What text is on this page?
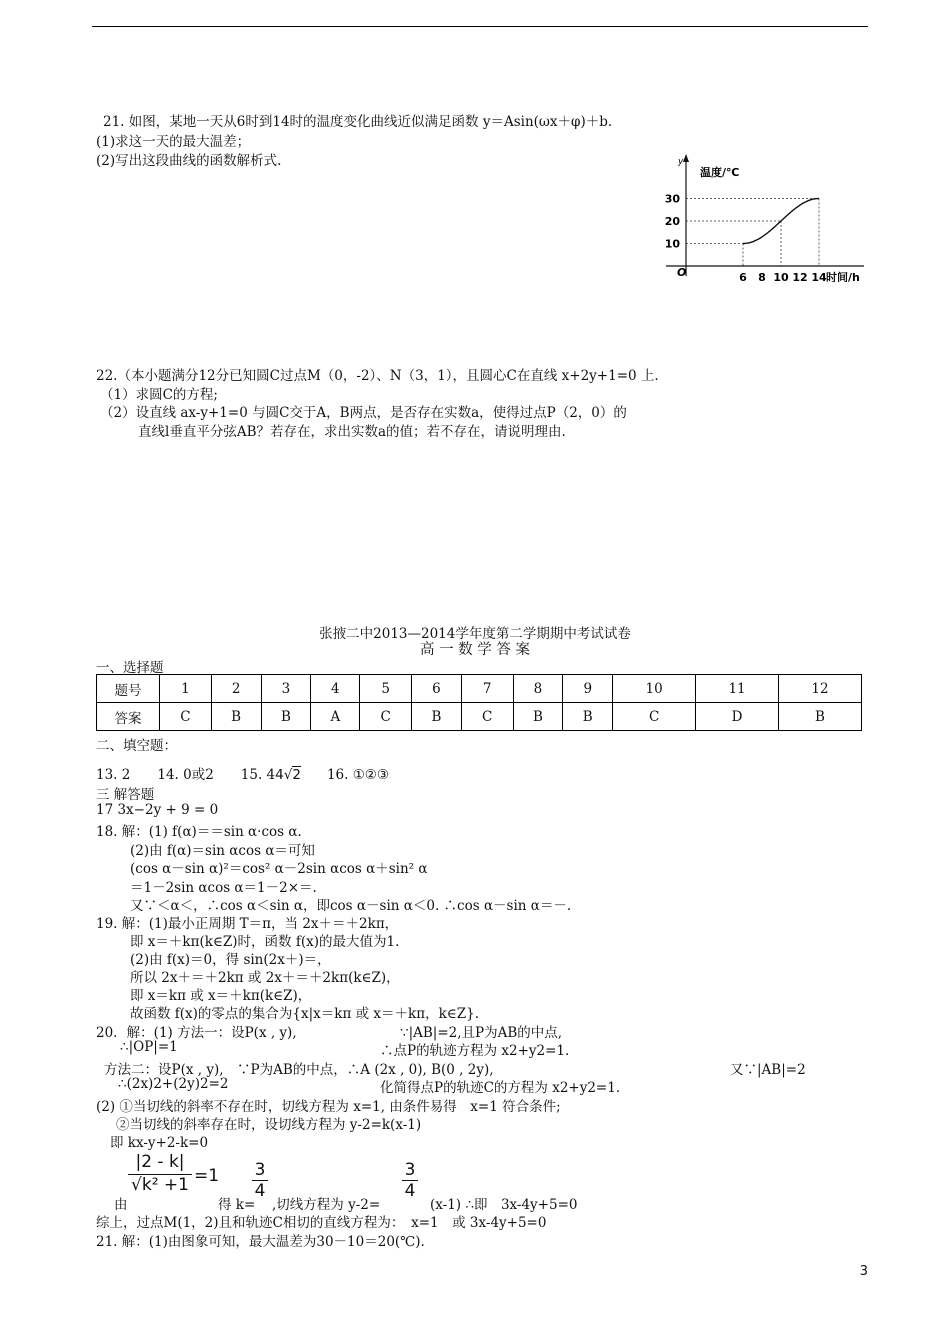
21. 如图，某地一天从6时到14时的温度变化曲线近似满足函数 y＝Asin(ωx＋φ)＋b.
(1)求这一天的最大温差；
(2)写出这段曲线的函数解析式.	y
温度/℃
O
10
20
30
6 8 10 12 14 时间/h
22.（本小题满分12分已知圆C过点M（0，-2）、N（3，1），且圆心C在直线 x+2y+1=0 上.
（1）求圆C的方程;
（2）设直线 ax-y+1=0 与圆C交于A，B两点，是否存在实数a，使得过点P（2，0）的
直线l垂直平分弦AB？若存在，求出实数a的值；若不存在，请说明理由.
张掖二中2013—2014学年度第二学期期中考试试卷
高 一 数 学 答 案
一、选择题
题号	1	2	3	4	5	6	7	8	9	10	11	12
答案	C	B	B	A	C	B	C	B	B	C	D	B
二、填空题：
13. 2　　14. 0或2　　15. 44√2 16. ①②③
三 解答题
17 3x−2y + 9 = 0
18. 解：(1) f(α)＝＝sin α·cos α.
(2)由 f(α)＝sin αcos α＝可知
(cos α－sin α)²＝cos² α－2sin αcos α＋sin² α
＝1－2sin αcos α＝1－2×＝.
又∵＜α＜，∴cos α＜sin α，即cos α－sin α＜0. ∴cos α－sin α＝－.
19. 解：(1)最小正周期 T＝π，当 2x＋＝＋2kπ，
即 x＝＋kπ(k∈Z)时，函数 f(x)的最大值为1.
(2)由 f(x)＝0，得 sin(2x＋)＝，
所以 2x＋＝＋2kπ 或 2x＋＝＋2kπ(k∈Z)，
即 x＝kπ 或 x＝＋kπ(k∈Z)，
故函数 f(x)的零点的集合为{x|x＝kπ 或 x＝＋kπ，k∈Z}.
20．解：(1) 方法一：设P(x , y),	∵|AB|=2,且P为AB的中点,
∴|OP|=1	∴点P的轨迹方程为 x2+y2=1.
方法二：设P(x , y),　∵P为AB的中点，∴A (2x , 0), B(0 , 2y),	又∵|AB|=2
∴(2x)2+(2y)2=2	化简得点P的轨迹C的方程为 x2+y2=1.
(2) ①当切线的斜率不存在时，切线方程为 x=1, 由条件易得　x=1 符合条件;
②当切线的斜率存在时，设切线方程为 y-2=k(x-1)
即 kx-y+2-k=0
|2 - k|
√k² +1 =1 3
4
3
4
由	得 k= ,切线方程为 y-2=	(x-1) ∴即　3x-4y+5=0
综上，过点M(1，2)且和轨迹C相切的直线方程为：　x=1　或 3x-4y+5=0
21. 解：(1)由图象可知，最大温差为30－10＝20(℃).
3
